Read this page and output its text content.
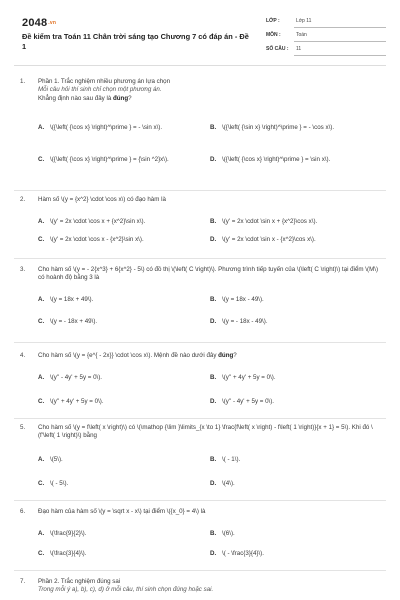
$2048^{.vn}$
Đề kiểm tra Toán 11 Chân trời sáng tạo Chương 7 có đáp án - Đề 1
LỚP :	Lớp 11
MÔN :	Toán
SỐ CÂU : 11
1.	Phần 1. Trắc nghiệm nhiều phương án lựa chọn
Mỗi câu hỏi thí sinh chỉ chọn một phương án.
Khẳng định nào sau đây là đúng?
A. \({\left( {\cos x} \right)^\prime } = - \sin x\).	B. \({\left( {\sin x} \right)^\prime } = - \cos x\).
C. \({\left( {\cos x} \right)^\prime } = {\sin ^2}x\).	D. \({\left( {\cos x} \right)^\prime } = \sin x\).
2.	Hàm số \(y = {x^2} \cdot \cos x\) có đạo hàm là
A. \(y' = 2x \cdot \cos x + {x^2}\sin x\).	B. \(y' = 2x \cdot \sin x + {x^2}\cos x\).
C. \(y' = 2x \cdot \cos x - {x^2}\sin x\).	D. \(y' = 2x \cdot \sin x - {x^2}\cos x\).
3.	Cho hàm số \(y = - 2{x^3} + 6{x^2} - 5\) có đồ thị \(\left( C \right)\). Phương trình tiếp tuyến của \(\left( C \right)\) tại điểm \(M\) có hoành độ bằng 3 là
A. \(y = 18x + 49\).	B. \(y = 18x - 49\).
C. \(y = - 18x + 49\).	D. \(y = - 18x - 49\).
4.	Cho hàm số \(y = {e^{ - 2x}} \cdot \cos x\). Mệnh đề nào dưới đây đúng?
A. \(y'' - 4y' + 5y = 0\).	B. \(y'' + 4y' + 5y = 0\).
C. \(y'' + 4y' + 5y = 0\).	D. \(y'' - 4y' + 5y = 0\).
5.	Cho hàm số \(y = f\left( x \right)\) có \(\mathop {\lim }\limits_{x \to 1} \frac{f\left( x \right) - f\left( 1 \right)}{x + 1} = 5\). Khi đó \(f'\left( 1 \right)\) bằng
A. \(5\).	B. \( - 1\).
C. \( - 5\).	D. \(4\).
6.	Đạo hàm của hàm số \(y = \sqrt x - x\) tại điểm \({x_0} = 4\) là
A. \(\frac{9}{2}\).	B. \(6\).
C. \(\frac{3}{4}\).	D. \( - \frac{3}{4}\).
7.	Phần 2. Trắc nghiệm đúng sai
Trong mỗi ý a), b), c), d) ở mỗi câu, thí sinh chọn đúng hoặc sai.
